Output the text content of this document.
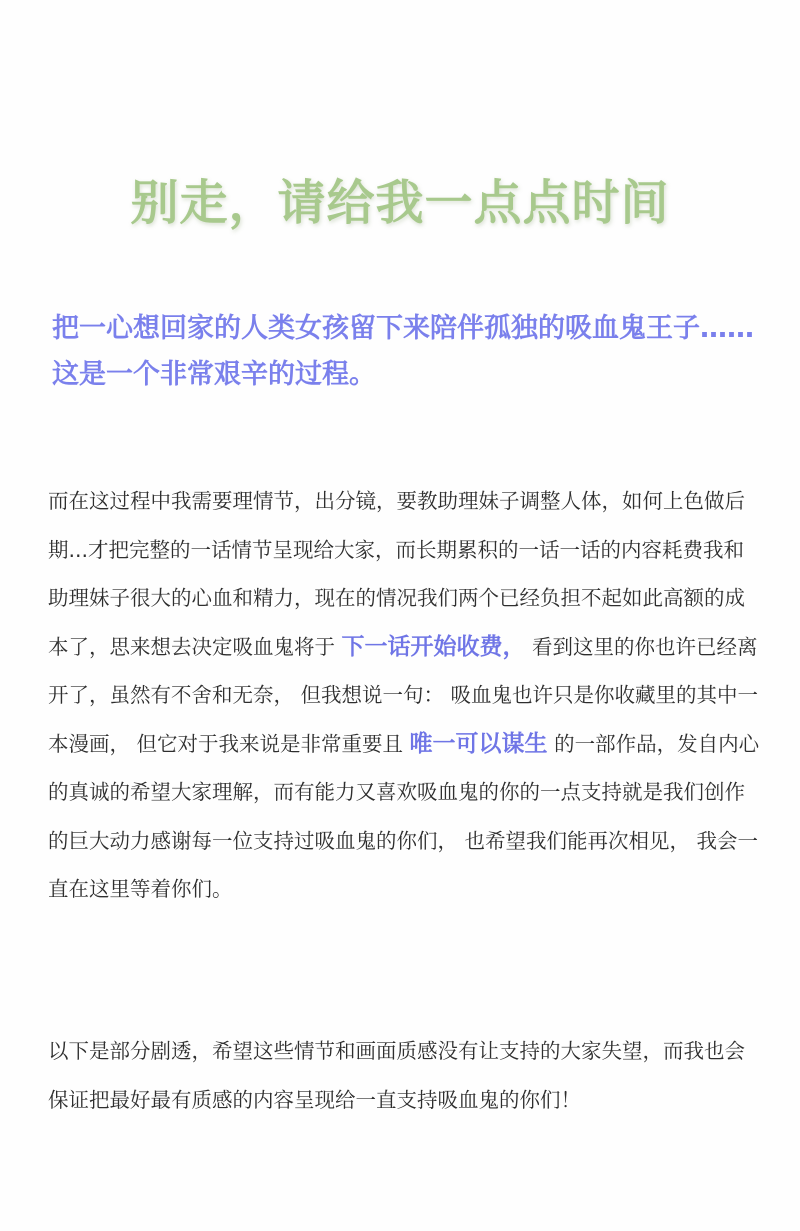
别走，请给我一点点时间

把一心想回家的人类女孩留下来陪伴孤独的吸血鬼王子……这是一个非常艰辛的过程。

而在这过程中我需要理情节，出分镜，要教助理妹子调整人体，如何上色做后期...才把完整的一话情节呈现给大家，而长期累积的一话一话的内容耗费我和助理妹子很大的心血和精力，现在的情况我们两个已经负担不起如此高额的成本了，思来想去决定吸血鬼将于 下一话开始收费， 看到这里的你也许已经离开了，虽然有不舍和无奈， 但我想说一句： 吸血鬼也许只是你收藏里的其中一本漫画， 但它对于我来说是非常重要且 唯一可以谋生 的一部作品，发自内心的真诚的希望大家理解，而有能力又喜欢吸血鬼的你的一点支持就是我们创作的巨大动力感谢每一位支持过吸血鬼的你们， 也希望我们能再次相见， 我会一直在这里等着你们。

以下是部分剧透，希望这些情节和画面质感没有让支持的大家失望，而我也会保证把最好最有质感的内容呈现给一直支持吸血鬼的你们！
